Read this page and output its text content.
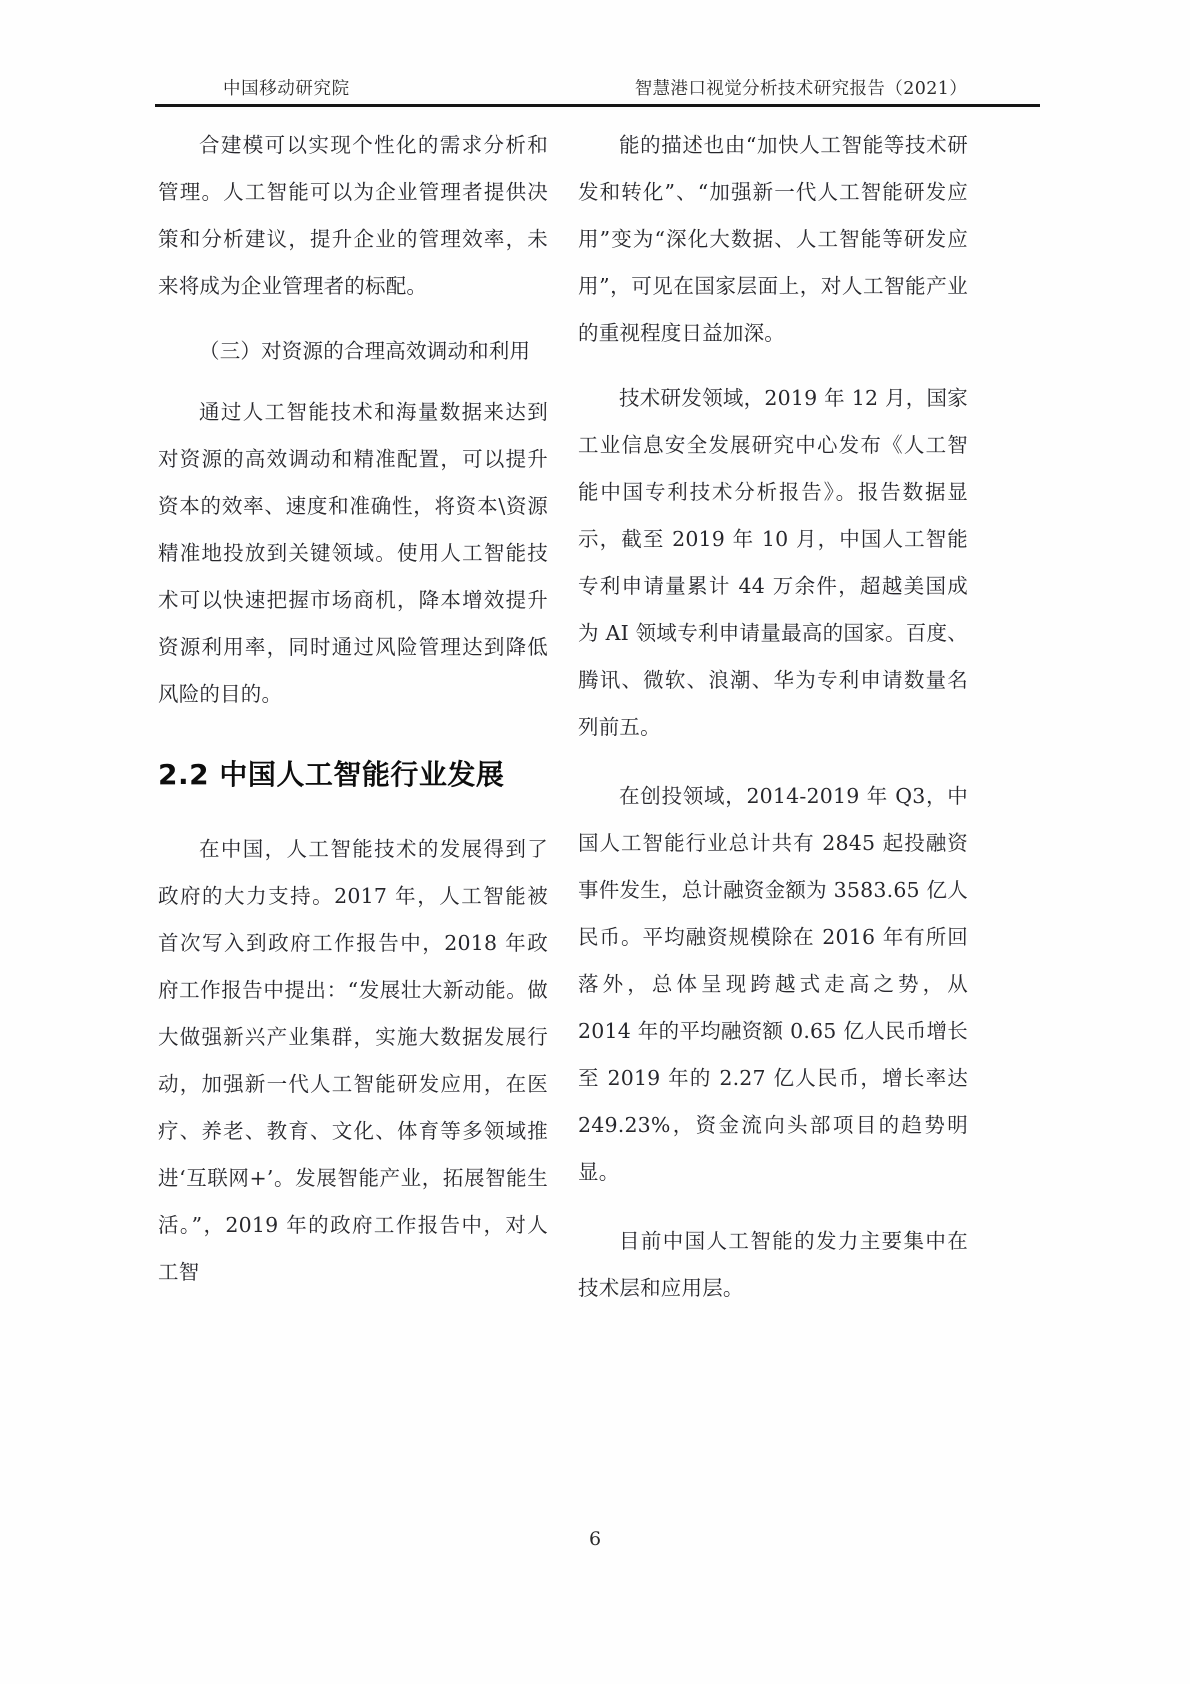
中国移动研究院	智慧港口视觉分析技术研究报告（2021）

合建模可以实现个性化的需求分析和管理。人工智能可以为企业管理者提供决策和分析建议，提升企业的管理效率，未来将成为企业管理者的标配。

（三）对资源的合理高效调动和利用

通过人工智能技术和海量数据来达到对资源的高效调动和精准配置，可以提升资本的效率、速度和准确性，将资本\资源精准地投放到关键领域。使用人工智能技术可以快速把握市场商机，降本增效提升资源利用率，同时通过风险管理达到降低风险的目的。

2.2 中国人工智能行业发展

在中国，人工智能技术的发展得到了政府的大力支持。2017 年，人工智能被首次写入到政府工作报告中，2018 年政府工作报告中提出：“发展壮大新动能。做大做强新兴产业集群，实施大数据发展行动，加强新一代人工智能研发应用，在医疗、养老、教育、文化、体育等多领域推进‘互联网+’。发展智能产业，拓展智能生活。”，2019 年的政府工作报告中，对人工智

能的描述也由“加快人工智能等技术研发和转化”、“加强新一代人工智能研发应用”变为“深化大数据、人工智能等研发应用”，可见在国家层面上，对人工智能产业的重视程度日益加深。

技术研发领域，2019 年 12 月，国家工业信息安全发展研究中心发布《人工智能中国专利技术分析报告》。报告数据显示，截至 2019 年 10 月，中国人工智能专利申请量累计 44 万余件，超越美国成为 AI 领域专利申请量最高的国家。百度、腾讯、微软、浪潮、华为专利申请数量名列前五。

在创投领域，2014-2019 年 Q3，中国人工智能行业总计共有 2845 起投融资事件发生，总计融资金额为 3583.65 亿人民币。平均融资规模除在 2016 年有所回落外，总体呈现跨越式走高之势，从 2014 年的平均融资额 0.65 亿人民币增长至 2019 年的 2.27 亿人民币，增长率达 249.23%，资金流向头部项目的趋势明显。

目前中国人工智能的发力主要集中在技术层和应用层。

6
